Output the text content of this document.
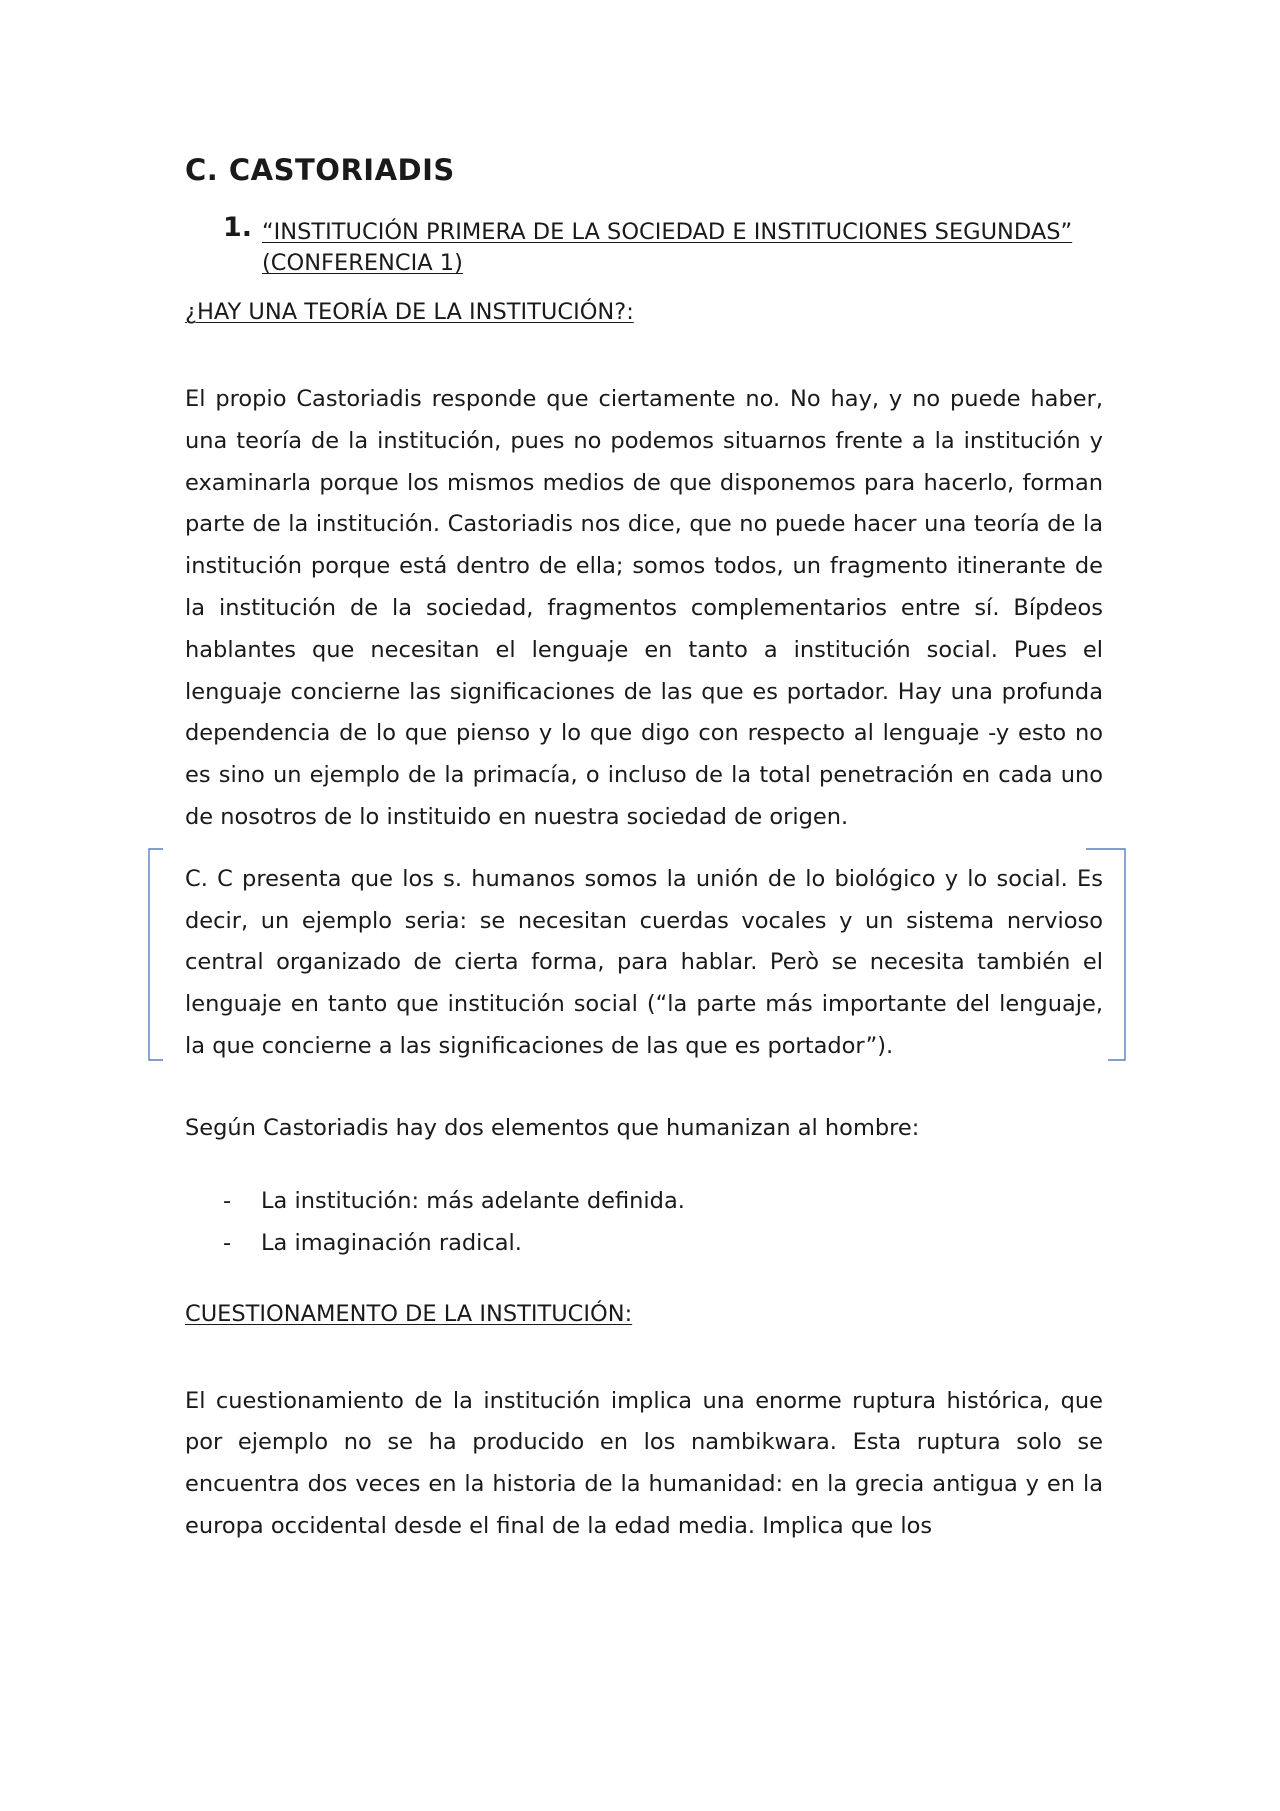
C. CASTORIADIS
1. “INSTITUCIÓN PRIMERA DE LA SOCIEDAD E INSTITUCIONES SEGUNDAS” (CONFERENCIA 1)
¿HAY UNA TEORÍA DE LA INSTITUCIÓN?:

El propio Castoriadis responde que ciertamente no. No hay, y no puede haber, una teoría de la institución, pues no podemos situarnos frente a la institución y examinarla porque los mismos medios de que disponemos para hacerlo, forman parte de la institución. Castoriadis nos dice, que no puede hacer una teoría de la institución porque está dentro de ella; somos todos, un fragmento itinerante de la institución de la sociedad, fragmentos complementarios entre sí. Bípdeos hablantes que necesitan el lenguaje en tanto a institución social. Pues el lenguaje concierne las significaciones de las que es portador. Hay una profunda dependencia de lo que pienso y lo que digo con respecto al lenguaje -y esto no es sino un ejemplo de la primacía, o incluso de la total penetración en cada uno de nosotros de lo instituido en nuestra sociedad de origen.

C. C presenta que los s. humanos somos la unión de lo biológico y lo social. Es decir, un ejemplo seria: se necesitan cuerdas vocales y un sistema nervioso central organizado de cierta forma, para hablar. Però se necesita también el lenguaje en tanto que institución social (“la parte más importante del lenguaje, la que concierne a las significaciones de las que es portador”).

Según Castoriadis hay dos elementos que humanizan al hombre:

-	La institución: más adelante definida.
-	La imaginación radical.
CUESTIONAMENTO DE LA INSTITUCIÓN:

El cuestionamiento de la institución implica una enorme ruptura histórica, que por ejemplo no se ha producido en los nambikwara. Esta ruptura solo se encuentra dos veces en la historia de la humanidad: en la grecia antigua y en la europa occidental desde el final de la edad media. Implica que los
